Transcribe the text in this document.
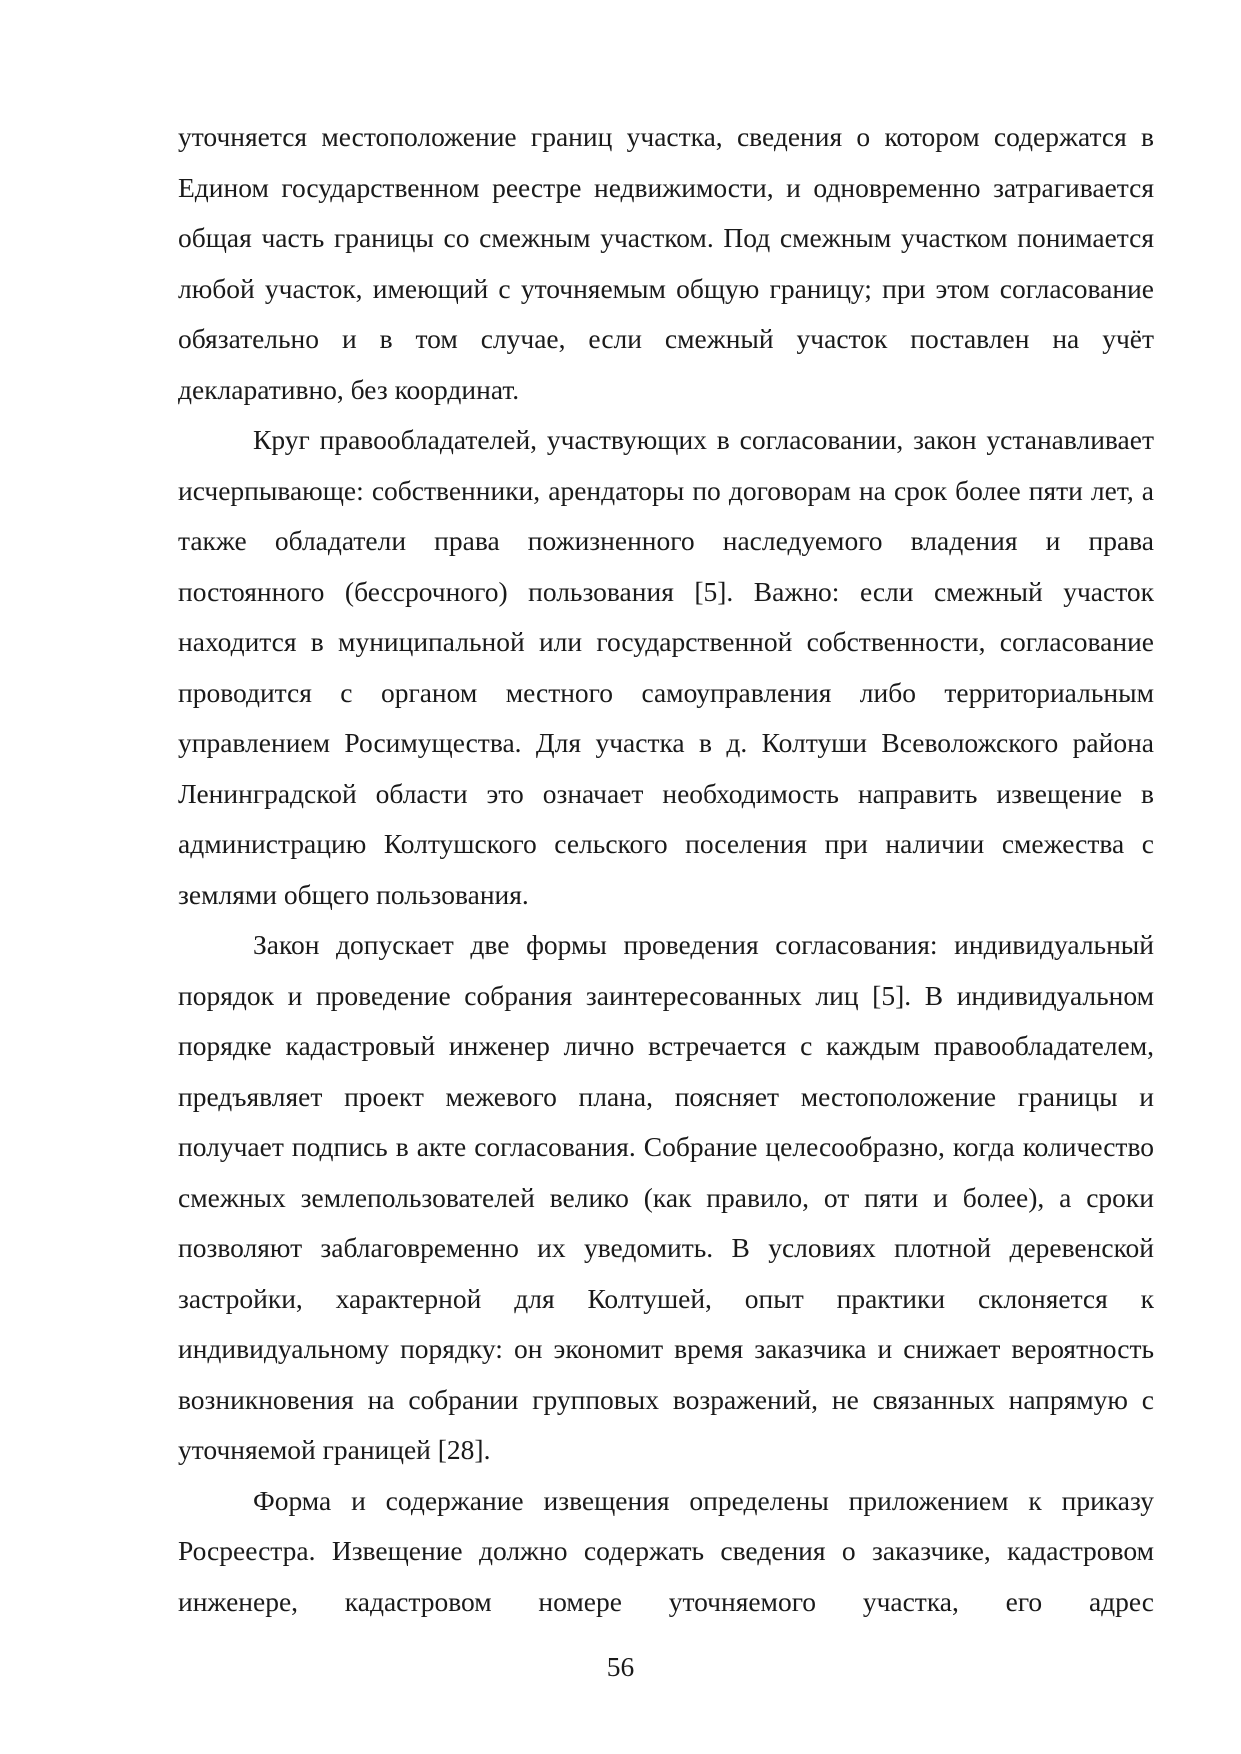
уточняется местоположение границ участка, сведения о котором содержатся в Едином государственном реестре недвижимости, и одновременно затрагивается общая часть границы со смежным участком. Под смежным участком понимается любой участок, имеющий с уточняемым общую границу; при этом согласование обязательно и в том случае, если смежный участок поставлен на учёт декларативно, без координат.

Круг правообладателей, участвующих в согласовании, закон устанавливает исчерпывающе: собственники, арендаторы по договорам на срок более пяти лет, а также обладатели права пожизненного наследуемого владения и права постоянного (бессрочного) пользования [5]. Важно: если смежный участок находится в муниципальной или государственной собственности, согласование проводится с органом местного самоуправления либо территориальным управлением Росимущества. Для участка в д. Колтуши Всеволожского района Ленинградской области это означает необходимость направить извещение в администрацию Колтушского сельского поселения при наличии смежества с землями общего пользования.

Закон допускает две формы проведения согласования: индивидуальный порядок и проведение собрания заинтересованных лиц [5]. В индивидуальном порядке кадастровый инженер лично встречается с каждым правообладателем, предъявляет проект межевого плана, поясняет местоположение границы и получает подпись в акте согласования. Собрание целесообразно, когда количество смежных землепользователей велико (как правило, от пяти и более), а сроки позволяют заблаговременно их уведомить. В условиях плотной деревенской застройки, характерной для Колтушей, опыт практики склоняется к индивидуальному порядку: он экономит время заказчика и снижает вероятность возникновения на собрании групповых возражений, не связанных напрямую с уточняемой границей [28].

Форма и содержание извещения определены приложением к приказу Росреестра. Извещение должно содержать сведения о заказчике, кадастровом инженере, кадастровом номере уточняемого участка, его адрес

56
